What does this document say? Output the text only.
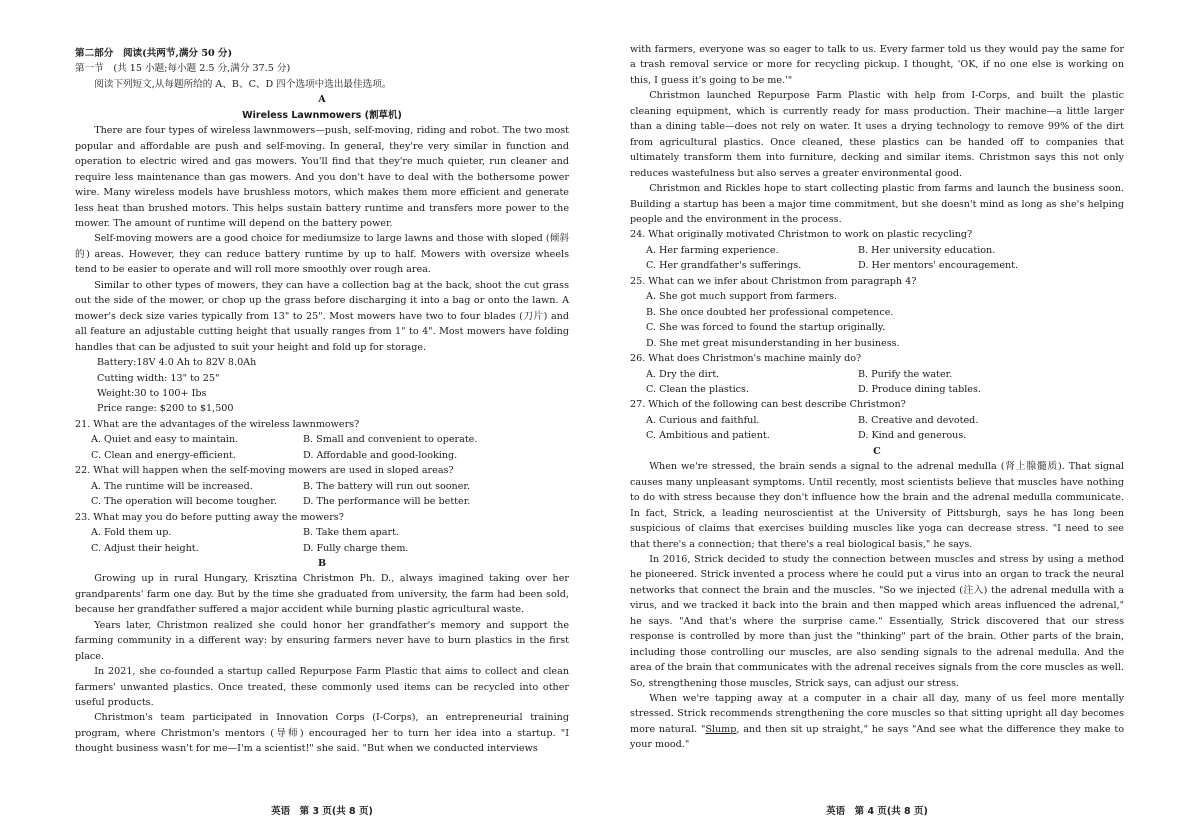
第二部分　阅读(共两节,满分 50 分)

第一节　(共 15 小题;每小题 2.5 分,满分 37.5 分)

阅读下列短文,从每题所给的 A、B、C、D 四个选项中选出最佳选项。

A

Wireless Lawnmowers (割草机)

There are four types of wireless lawnmowers—push, self-moving, riding and robot. The two most popular and affordable are push and self-moving. In general, they're very similar in function and operation to electric wired and gas mowers. You'll find that they're much quieter, run cleaner and require less maintenance than gas mowers. And you don't have to deal with the bothersome power wire. Many wireless models have brushless motors, which makes them more efficient and generate less heat than brushed motors. This helps sustain battery runtime and transfers more power to the mower. The amount of runtime will depend on the battery power.

Self-moving mowers are a good choice for mediumsize to large lawns and those with sloped (倾斜的) areas. However, they can reduce battery runtime by up to half. Mowers with oversize wheels tend to be easier to operate and will roll more smoothly over rough area.

Similar to other types of mowers, they can have a collection bag at the back, shoot the cut grass out the side of the mower, or chop up the grass before discharging it into a bag or onto the lawn. A mower's deck size varies typically from 13" to 25". Most mowers have two to four blades (刀片) and all feature an adjustable cutting height that usually ranges from 1" to 4". Most mowers have folding handles that can be adjusted to suit your height and fold up for storage.

Battery:18V 4.0 Ah to 82V 8.0Ah

Cutting width: 13" to 25"

Weight:30 to 100+ Ibs

Price range: $200 to $1,500

21. What are the advantages of the wireless lawnmowers?

A. Quiet and easy to maintain.	B. Small and convenient to operate.
C. Clean and energy-efficient.	D. Affordable and good-looking.

22. What will happen when the self-moving mowers are used in sloped areas?

A. The runtime will be increased.	B. The battery will run out sooner.
C. The operation will become tougher.	D. The performance will be better.

23. What may you do before putting away the mowers?

A. Fold them up.	B. Take them apart.
C. Adjust their height.	D. Fully charge them.

B

Growing up in rural Hungary, Krisztina Christmon Ph. D., always imagined taking over her grandparents' farm one day. But by the time she graduated from university, the farm had been sold, because her grandfather suffered a major accident while burning plastic agricultural waste.

Years later, Christmon realized she could honor her grandfather's memory and support the farming community in a different way: by ensuring farmers never have to burn plastics in the first place.

In 2021, she co-founded a startup called Repurpose Farm Plastic that aims to collect and clean farmers' unwanted plastics. Once treated, these commonly used items can be recycled into other useful products.

Christmon's team participated in Innovation Corps (I-Corps), an entrepreneurial training program, where Christmon's mentors (导师) encouraged her to turn her idea into a startup. "I thought business wasn't for me—I'm a scientist!" she said. "But when we conducted interviews

英语　第 3 页(共 8 页)

with farmers, everyone was so eager to talk to us. Every farmer told us they would pay the same for a trash removal service or more for recycling pickup. I thought, 'OK, if no one else is working on this, I guess it's going to be me.'"

Christmon launched Repurpose Farm Plastic with help from I-Corps, and built the plastic cleaning equipment, which is currently ready for mass production. Their machine—a little larger than a dining table—does not rely on water. It uses a drying technology to remove 99% of the dirt from agricultural plastics. Once cleaned, these plastics can be handed off to companies that ultimately transform them into furniture, decking and similar items. Christmon says this not only reduces wastefulness but also serves a greater environmental good.

Christmon and Rickles hope to start collecting plastic from farms and launch the business soon. Building a startup has been a major time commitment, but she doesn't mind as long as she's helping people and the environment in the process.

24. What originally motivated Christmon to work on plastic recycling?

A. Her farming experience.	B. Her university education.
C. Her grandfather's sufferings.	D. Her mentors' encouragement.

25. What can we infer about Christmon from paragraph 4?

A. She got much support from farmers.

B. She once doubted her professional competence.

C. She was forced to found the startup originally.

D. She met great misunderstanding in her business.

26. What does Christmon's machine mainly do?

A. Dry the dirt.	B. Purify the water.
C. Clean the plastics.	D. Produce dining tables.

27. Which of the following can best describe Christmon?

A. Curious and faithful.	B. Creative and devoted.
C. Ambitious and patient.	D. Kind and generous.

C

When we're stressed, the brain sends a signal to the adrenal medulla (肾上腺髓质). That signal causes many unpleasant symptoms. Until recently, most scientists believe that muscles have nothing to do with stress because they don't influence how the brain and the adrenal medulla communicate. In fact, Strick, a leading neuroscientist at the University of Pittsburgh, says he has long been suspicious of claims that exercises building muscles like yoga can decrease stress. "I need to see that there's a connection; that there's a real biological basis," he says.

In 2016, Strick decided to study the connection between muscles and stress by using a method he pioneered. Strick invented a process where he could put a virus into an organ to track the neural networks that connect the brain and the muscles. "So we injected (注入) the adrenal medulla with a virus, and we tracked it back into the brain and then mapped which areas influenced the adrenal," he says. "And that's where the surprise came." Essentially, Strick discovered that our stress response is controlled by more than just the "thinking" part of the brain. Other parts of the brain, including those controlling our muscles, are also sending signals to the adrenal medulla. And the area of the brain that communicates with the adrenal receives signals from the core muscles as well. So, strengthening those muscles, Strick says, can adjust our stress.

When we're tapping away at a computer in a chair all day, many of us feel more mentally stressed. Strick recommends strengthening the core muscles so that sitting upright all day becomes more natural. "Slump, and then sit up straight," he says "And see what the difference they make to your mood."

英语　第 4 页(共 8 页)
